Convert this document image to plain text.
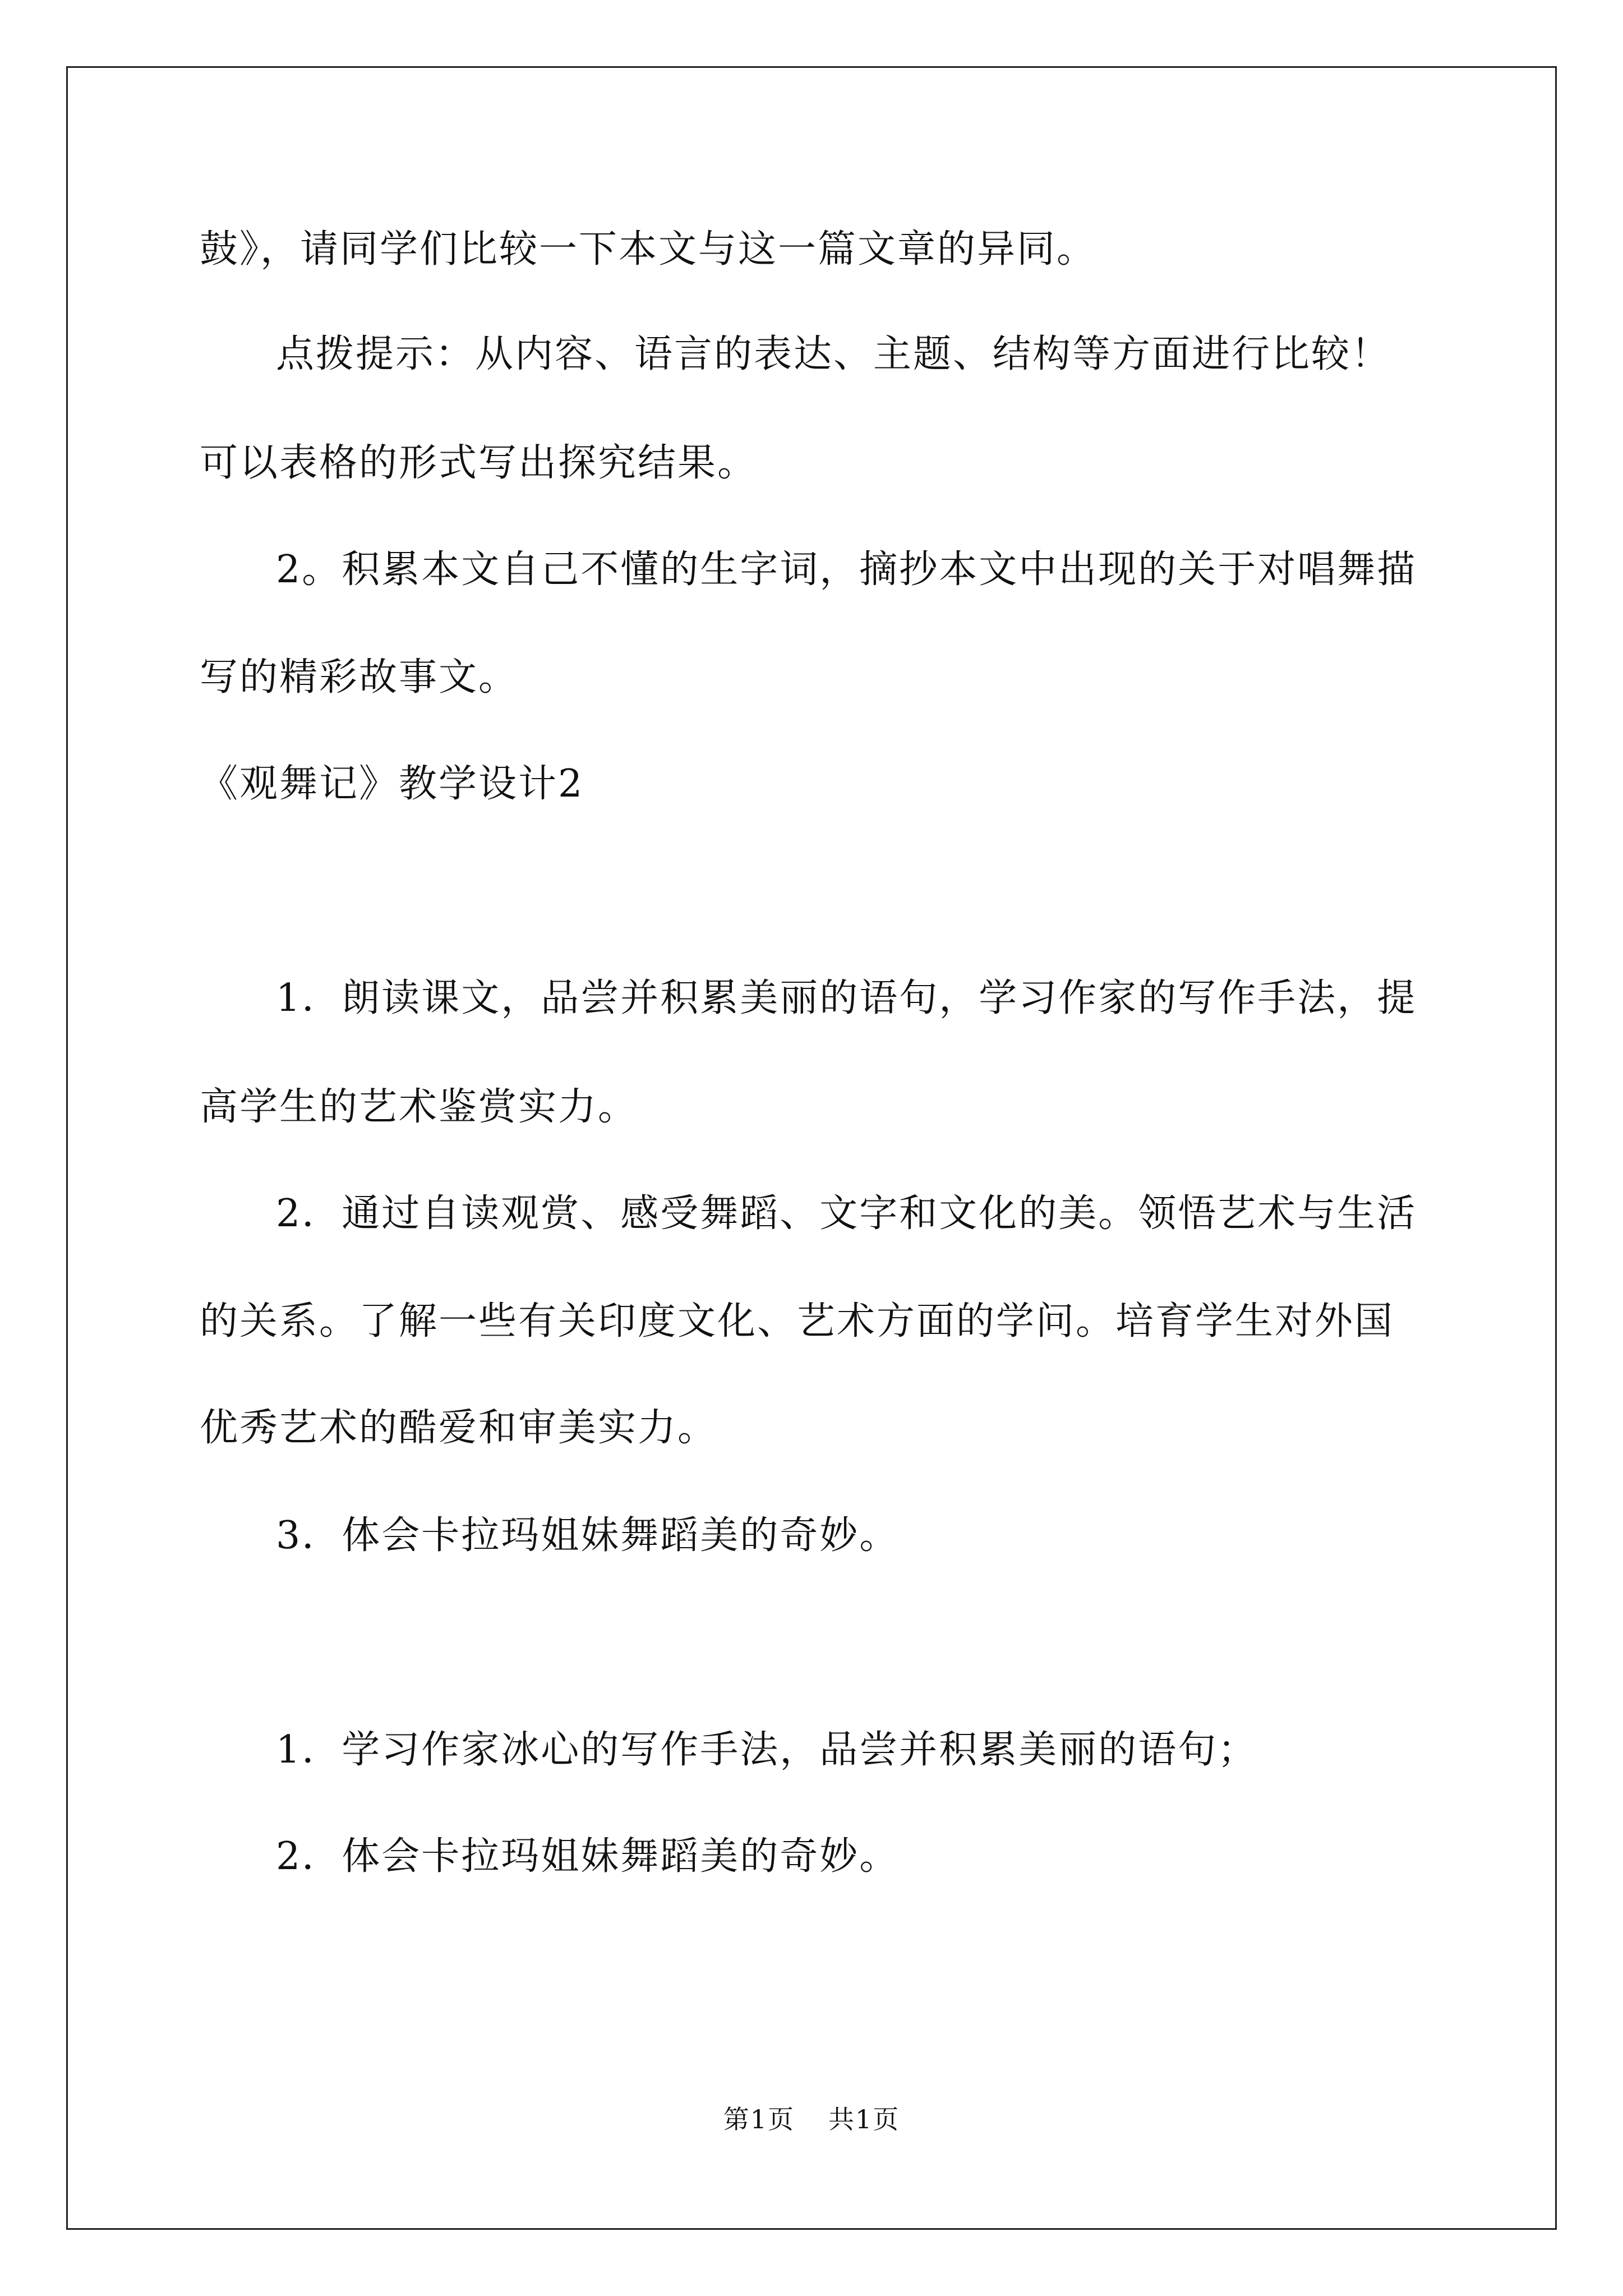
鼓》，请同学们比较一下本文与这一篇文章的异同。
点拨提示：从内容、语言的表达、主题、结构等方面进行比较！
可以表格的形式写出探究结果。
2。积累本文自己不懂的生字词，摘抄本文中出现的关于对唱舞描
写的精彩故事文。
《观舞记》教学设计2
1．朗读课文，品尝并积累美丽的语句，学习作家的写作手法，提
高学生的艺术鉴赏实力。
2．通过自读观赏、感受舞蹈、文字和文化的美。领悟艺术与生活
的关系。了解一些有关印度文化、艺术方面的学问。培育学生对外国
优秀艺术的酷爱和审美实力。
3．体会卡拉玛姐妹舞蹈美的奇妙。
1．学习作家冰心的写作手法，品尝并积累美丽的语句；
2．体会卡拉玛姐妹舞蹈美的奇妙。
第1页 共1页
